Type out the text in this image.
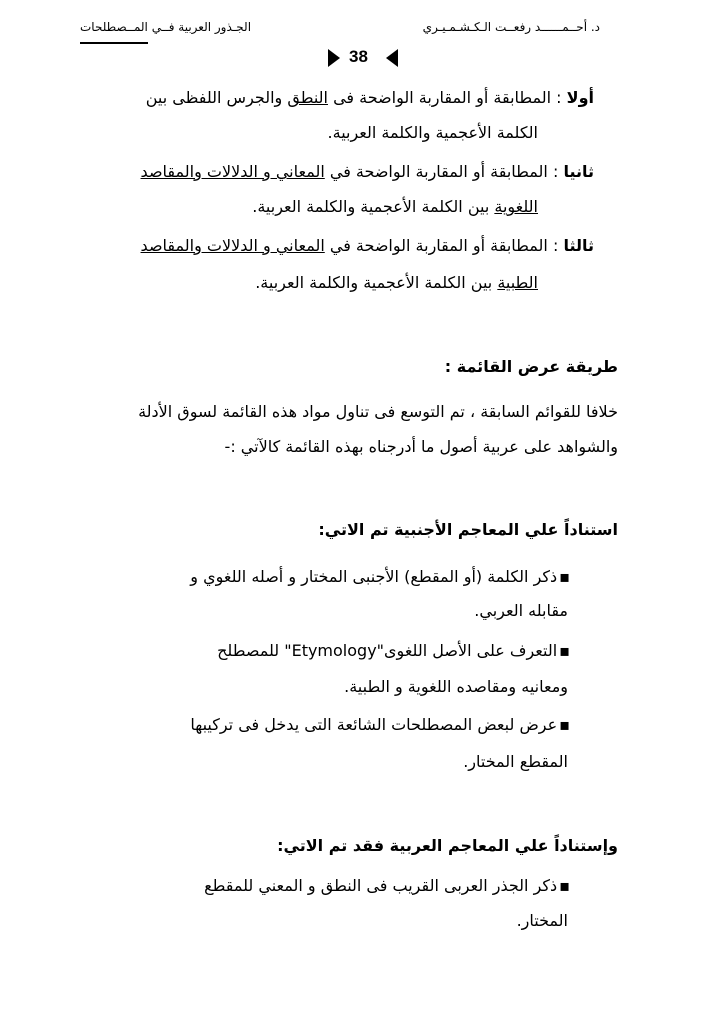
الجـذور العربية فــي المــصطلحات	د. أحــمــــــد رفعــت الـكـشـمـيـري
38
أولا : المطابقة أو المقاربة الواضحة فى النطق والجرس اللفظى بين
الكلمة الأعجمية والكلمة العربية.
ثانيا : المطابقة أو المقاربة الواضحة في المعاني و الدلالات والمقاصد
اللغوية بين الكلمة الأعجمية والكلمة العربية.
ثالثا : المطابقة أو المقاربة الواضحة في المعاني و الدلالات والمقاصد
الطبية بين الكلمة الأعجمية والكلمة العربية.
طريقة عرض القائمة :
خلافا للقوائم السابقة ، تم التوسع فى تناول مواد هذه القائمة لسوق الأدلة
والشواهد على عربية أصول ما أدرجناه بهذه القائمة كالآتي :-
استناداً علي المعاجم الأجنبية تم الاتي:
▪ ذكر الكلمة (أو المقطع) الأجنبى المختار و أصله اللغوي و
مقابله العربي.
▪ التعرف على الأصل اللغوى"Etymology" للمصطلح
ومعانيه ومقاصده اللغوية و الطبية.
▪ عرض لبعض المصطلحات الشائعة التى يدخل فى تركيبها
المقطع المختار.
وإستناداً علي المعاجم العربية فقد تم الاتي:
▪ ذكر الجذر العربى القريب فى النطق و المعني للمقطع
المختار.
